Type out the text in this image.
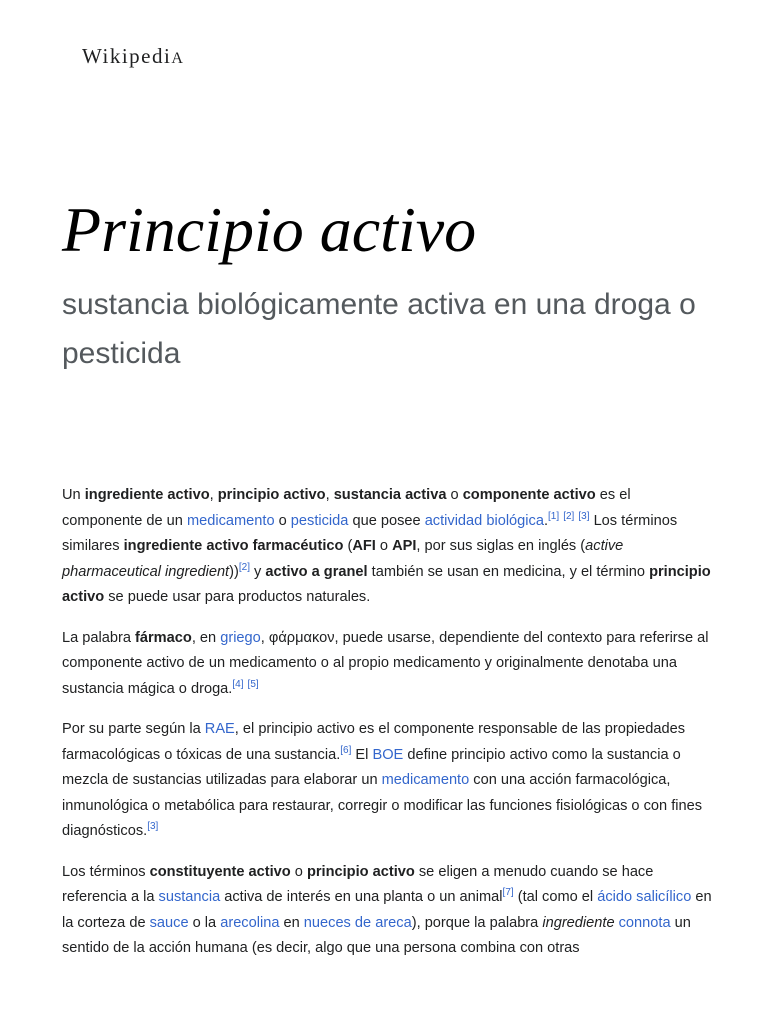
WikipediA
Principio activo
sustancia biológicamente activa en una droga o pesticida

Un ingrediente activo, principio activo, sustancia activa o componente activo es el componente de un medicamento o pesticida que posee actividad biológica.[1] [2] [3] Los términos similares ingrediente activo farmacéutico (AFI o API, por sus siglas en inglés (active pharmaceutical ingredient))[2] y activo a granel también se usan en medicina, y el término principio activo se puede usar para productos naturales.

La palabra fármaco, en griego, φάρμακον, puede usarse, dependiente del contexto para referirse al componente activo de un medicamento o al propio medicamento y originalmente denotaba una sustancia mágica o droga.[4] [5]

Por su parte según la RAE, el principio activo es el componente responsable de las propiedades farmacológicas o tóxicas de una sustancia.[6] El BOE define principio activo como la sustancia o mezcla de sustancias utilizadas para elaborar un medicamento con una acción farmacológica, inmunológica o metabólica para restaurar, corregir o modificar las funciones fisiológicas o con fines diagnósticos.[3]

Los términos constituyente activo o principio activo se eligen a menudo cuando se hace referencia a la sustancia activa de interés en una planta o un animal[7] (tal como el ácido salicílico en la corteza de sauce o la arecolina en nueces de areca), porque la palabra ingrediente connota un sentido de la acción humana (es decir, algo que una persona combina con otras
